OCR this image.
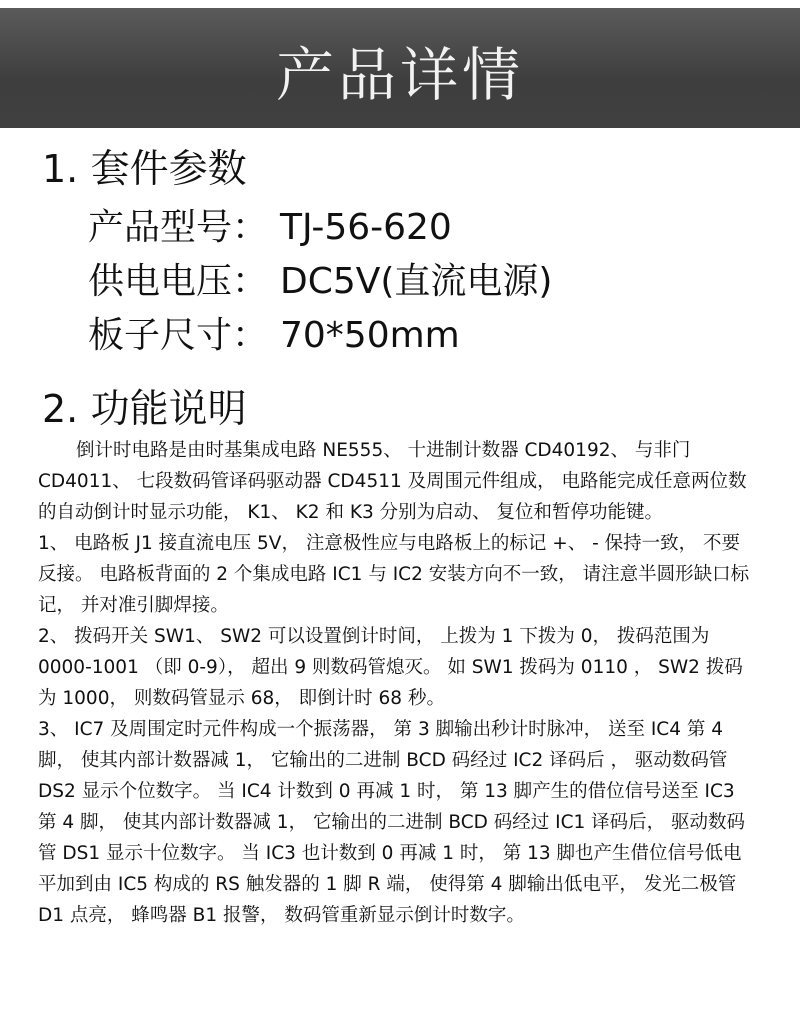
产品详情
1. 套件参数
产品型号： TJ-56-620
供电电压： DC5V(直流电源)
板子尺寸： 70*50mm
2. 功能说明

倒计时电路是由时基集成电路 NE555、 十进制计数器 CD40192、 与非门 CD4011、 七段数码管译码驱动器 CD4511 及周围元件组成， 电路能完成任意两位数的自动倒计时显示功能， K1、 K2 和 K3 分别为启动、 复位和暂停功能键。

1、 电路板 J1 接直流电压 5V， 注意极性应与电路板上的标记 +、 - 保持一致， 不要反接。 电路板背面的 2 个集成电路 IC1 与 IC2 安装方向不一致， 请注意半圆形缺口标记， 并对准引脚焊接。

2、 拨码开关 SW1、 SW2 可以设置倒计时间， 上拨为 1 下拨为 0， 拨码范围为 0000-1001 （即 0-9）， 超出 9 则数码管熄灭。 如 SW1 拨码为 0110 ， SW2 拨码为 1000， 则数码管显示 68， 即倒计时 68 秒。

3、 IC7 及周围定时元件构成一个振荡器， 第 3 脚输出秒计时脉冲， 送至 IC4 第 4 脚， 使其内部计数器减 1， 它输出的二进制 BCD 码经过 IC2 译码后 ， 驱动数码管 DS2 显示个位数字。 当 IC4 计数到 0 再减 1 时， 第 13 脚产生的借位信号送至 IC3 第 4 脚， 使其内部计数器减 1， 它输出的二进制 BCD 码经过 IC1 译码后， 驱动数码管 DS1 显示十位数字。 当 IC3 也计数到 0 再减 1 时， 第 13 脚也产生借位信号低电平加到由 IC5 构成的 RS 触发器的 1 脚 R 端， 使得第 4 脚输出低电平， 发光二极管 D1 点亮， 蜂鸣器 B1 报警， 数码管重新显示倒计时数字。
